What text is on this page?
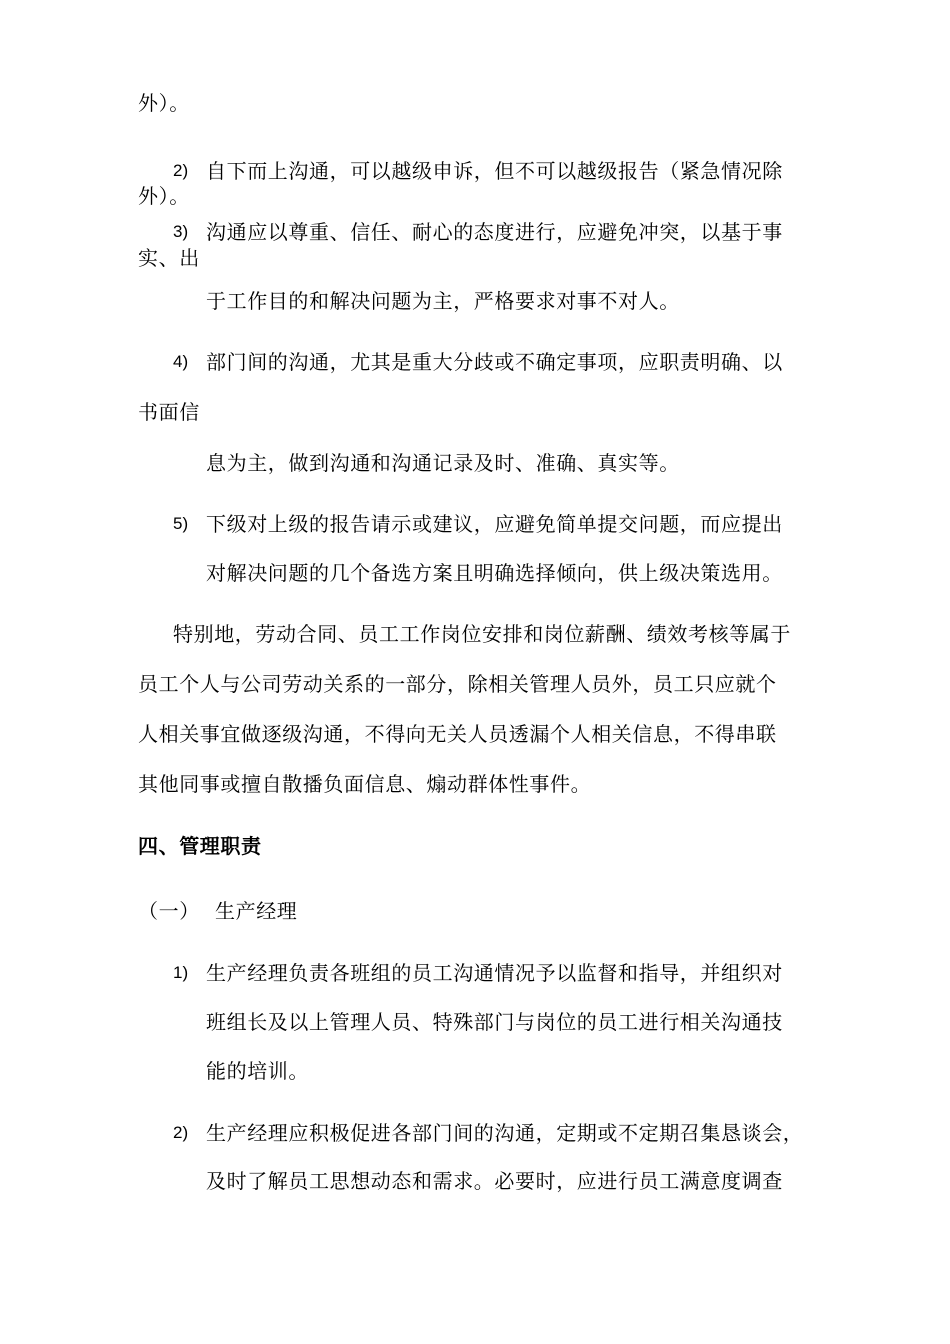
外）。
2) 自下而上沟通，可以越级申诉，但不可以越级报告（紧急情况除
外）。
3) 沟通应以尊重、信任、耐心的态度进行，应避免冲突，以基于事
实、出
于工作目的和解决问题为主，严格要求对事不对人。
4) 部门间的沟通，尤其是重大分歧或不确定事项，应职责明确、以
书面信
息为主，做到沟通和沟通记录及时、准确、真实等。
5) 下级对上级的报告请示或建议，应避免简单提交问题，而应提出
对解决问题的几个备选方案且明确选择倾向，供上级决策选用。
特别地，劳动合同、员工工作岗位安排和岗位薪酬、绩效考核等属于
员工个人与公司劳动关系的一部分，除相关管理人员外，员工只应就个
人相关事宜做逐级沟通，不得向无关人员透漏个人相关信息，不得串联
其他同事或擅自散播负面信息、煽动群体性事件。
四、管理职责
（一） 生产经理
1) 生产经理负责各班组的员工沟通情况予以监督和指导，并组织对
班组长及以上管理人员、特殊部门与岗位的员工进行相关沟通技
能的培训。
2) 生产经理应积极促进各部门间的沟通，定期或不定期召集恳谈会，
及时了解员工思想动态和需求。必要时，应进行员工满意度调查
